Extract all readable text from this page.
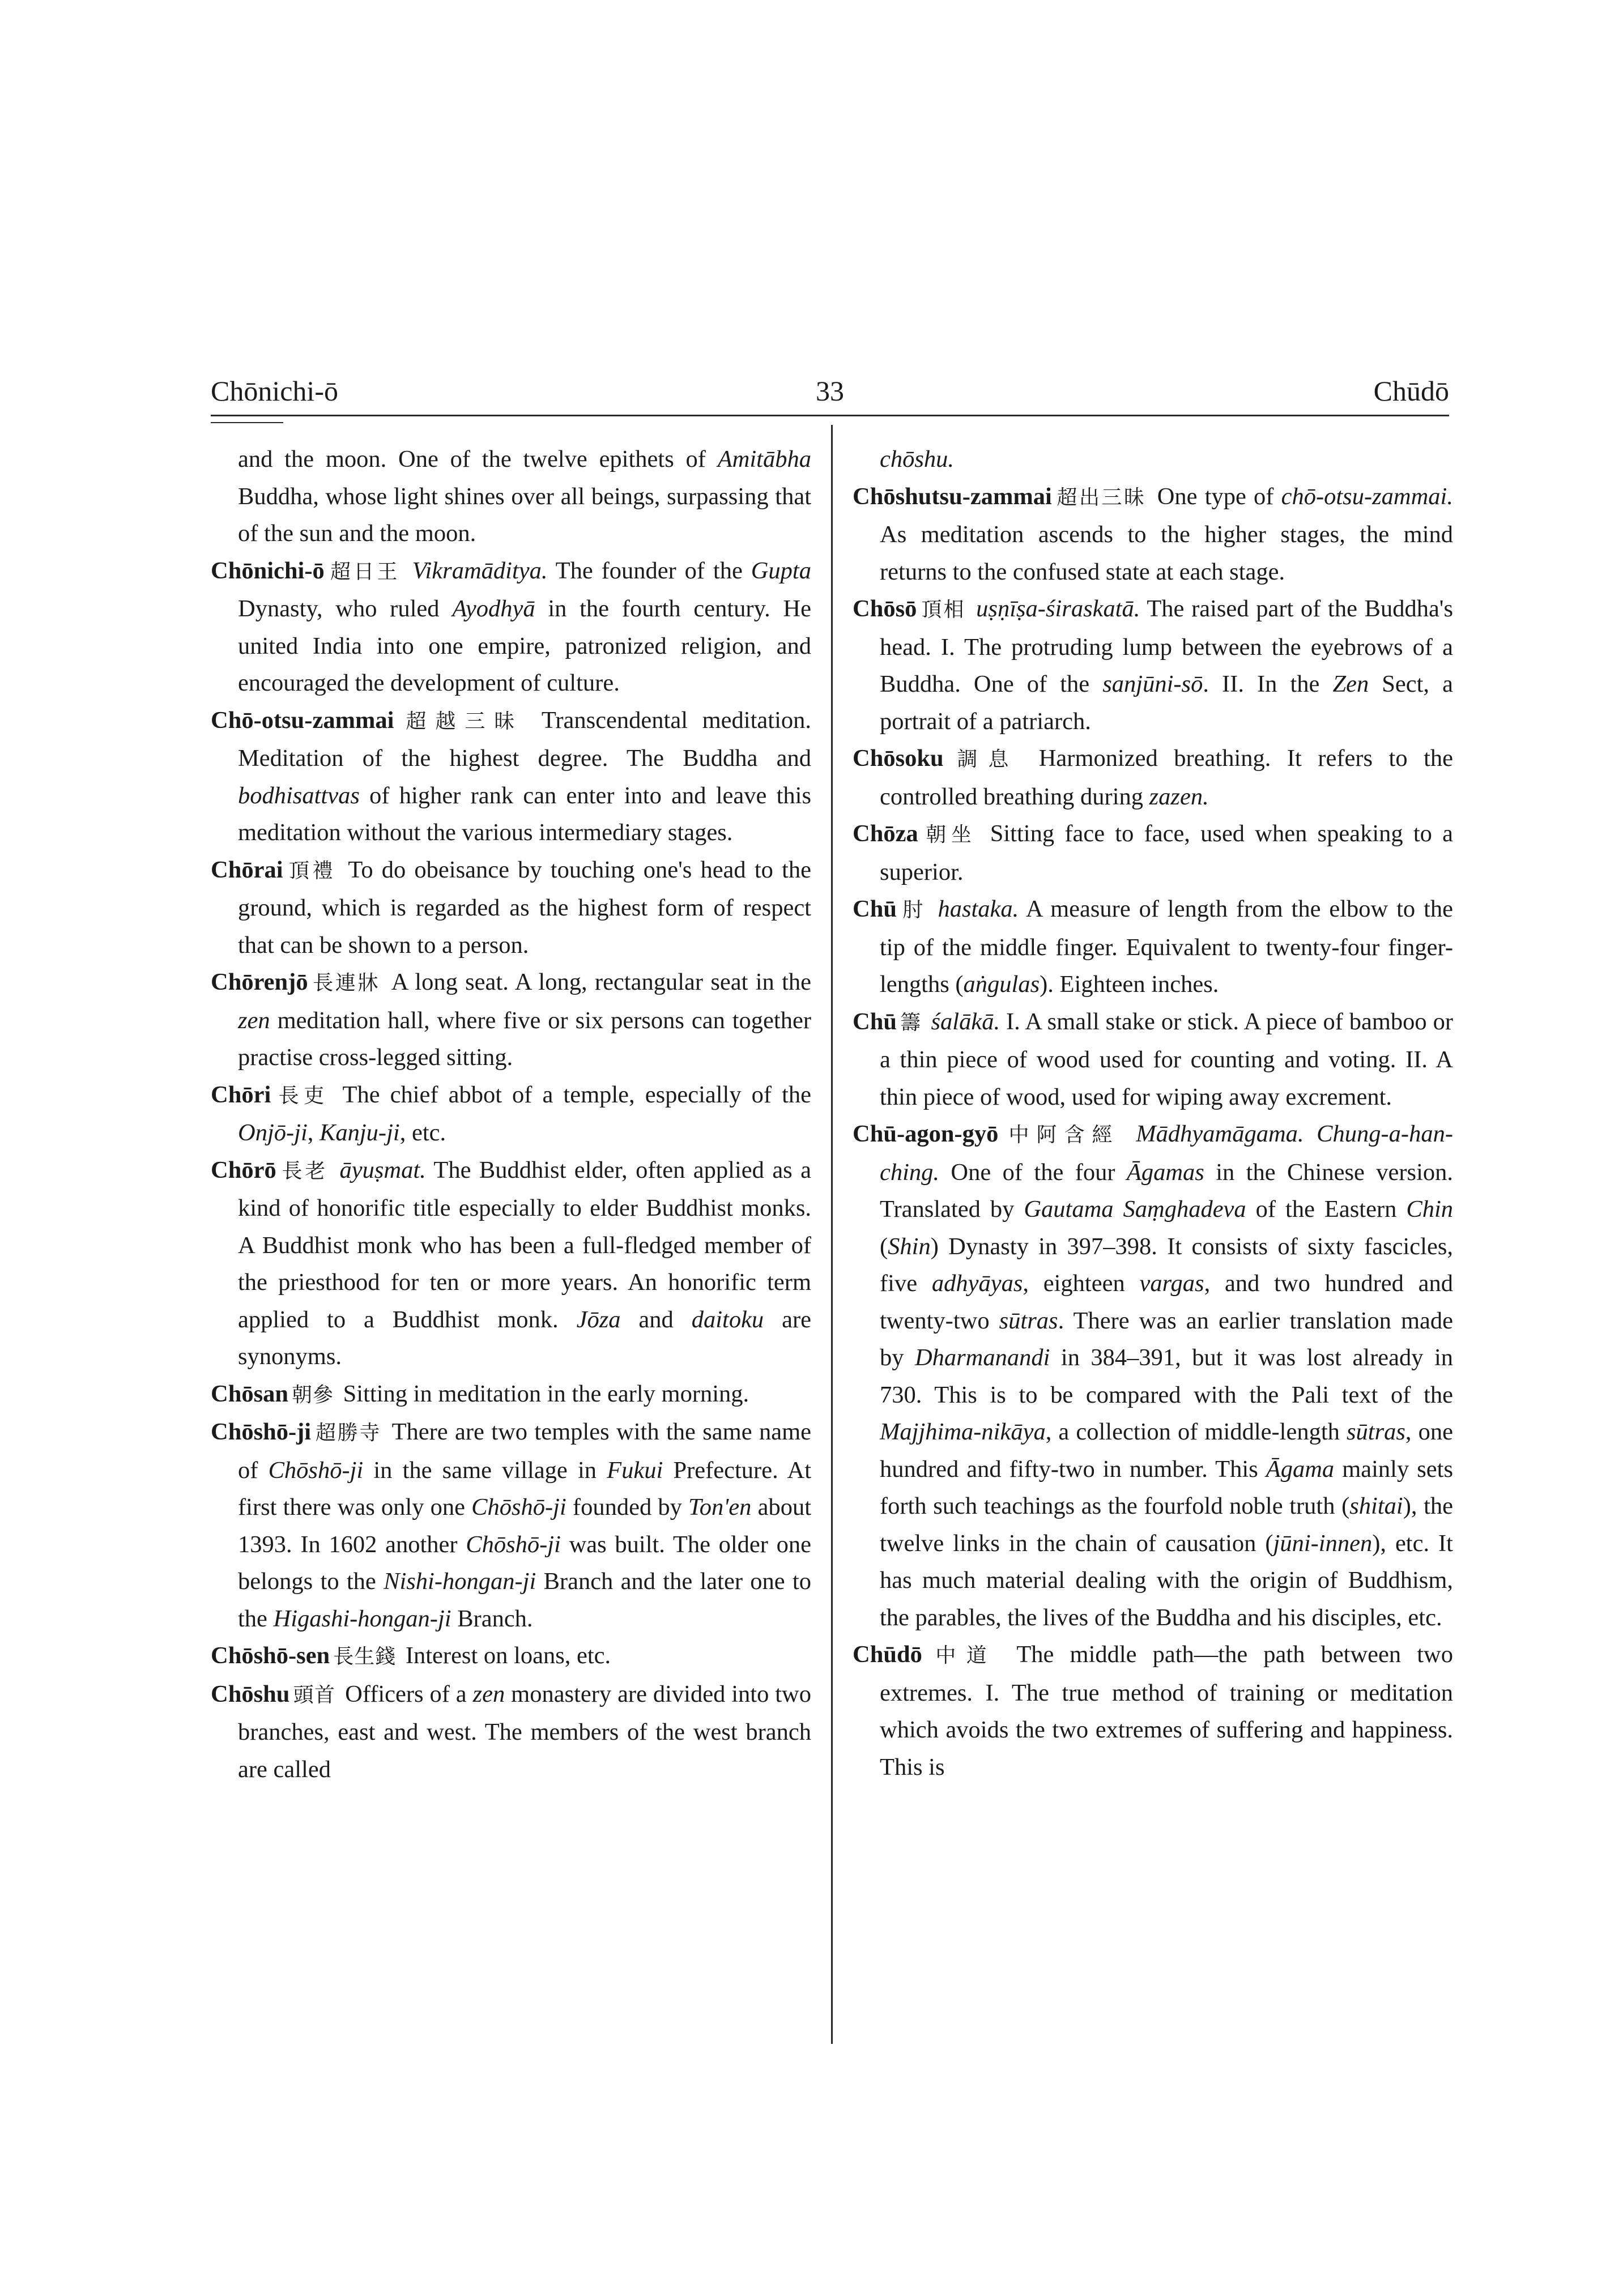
Chōnichi-ō	33	Chūdō

and the moon. One of the twelve epithets of Amitābha Buddha, whose light shines over all beings, surpassing that of the sun and the moon.

Chōnichi-ō 超日王 Vikramāditya. The founder of the Gupta Dynasty, who ruled Ayodhyā in the fourth century. He united India into one empire, patronized religion, and encouraged the development of culture.

Chō-otsu-zammai 超越三昧 Transcendental meditation. Meditation of the highest degree. The Buddha and bodhisattvas of higher rank can enter into and leave this meditation without the various intermediary stages.

Chōrai 頂禮 To do obeisance by touching one's head to the ground, which is regarded as the highest form of respect that can be shown to a person.

Chōrenjō 長連牀 A long seat. A long, rectangular seat in the zen meditation hall, where five or six persons can together practise cross-legged sitting.

Chōri 長吏 The chief abbot of a temple, especially of the Onjō-ji, Kanju-ji, etc.

Chōrō 長老 āyuṣmat. The Buddhist elder, often applied as a kind of honorific title especially to elder Buddhist monks. A Buddhist monk who has been a full-fledged member of the priesthood for ten or more years. An honorific term applied to a Buddhist monk. Jōza and daitoku are synonyms.

Chōsan 朝參 Sitting in meditation in the early morning.

Chōshō-ji 超勝寺 There are two temples with the same name of Chōshō-ji in the same village in Fukui Prefecture. At first there was only one Chōshō-ji founded by Ton'en about 1393. In 1602 another Chōshō-ji was built. The older one belongs to the Nishi-hongan-ji Branch and the later one to the Higashi-hongan-ji Branch.

Chōshō-sen 長生錢 Interest on loans, etc.

Chōshu 頭首 Officers of a zen monastery are divided into two branches, east and west. The members of the west branch are called

chōshu.

Chōshutsu-zammai 超出三昧 One type of chō-otsu-zammai. As meditation ascends to the higher stages, the mind returns to the confused state at each stage.

Chōsō 頂相 uṣṇīṣa-śiraskatā. The raised part of the Buddha's head. I. The protruding lump between the eyebrows of a Buddha. One of the sanjūni-sō. II. In the Zen Sect, a portrait of a patriarch.

Chōsoku 調息 Harmonized breathing. It refers to the controlled breathing during zazen.

Chōza 朝坐 Sitting face to face, used when speaking to a superior.

Chū 肘 hastaka. A measure of length from the elbow to the tip of the middle finger. Equivalent to twenty-four finger-lengths (aṅgulas). Eighteen inches.

Chū 籌 śalākā. I. A small stake or stick. A piece of bamboo or a thin piece of wood used for counting and voting. II. A thin piece of wood, used for wiping away excrement.

Chū-agon-gyō 中阿含經 Mādhyamāgama. Chung-a-han-ching. One of the four Āgamas in the Chinese version. Translated by Gautama Saṃghadeva of the Eastern Chin (Shin) Dynasty in 397–398. It consists of sixty fascicles, five adhyāyas, eighteen vargas, and two hundred and twenty-two sūtras. There was an earlier translation made by Dharmanandi in 384–391, but it was lost already in 730. This is to be compared with the Pali text of the Majjhima-nikāya, a collection of middle-length sūtras, one hundred and fifty-two in number. This Āgama mainly sets forth such teachings as the fourfold noble truth (shitai), the twelve links in the chain of causation (jūni-innen), etc. It has much material dealing with the origin of Buddhism, the parables, the lives of the Buddha and his disciples, etc.

Chūdō 中道 The middle path—the path between two extremes. I. The true method of training or meditation which avoids the two extremes of suffering and happiness. This is
